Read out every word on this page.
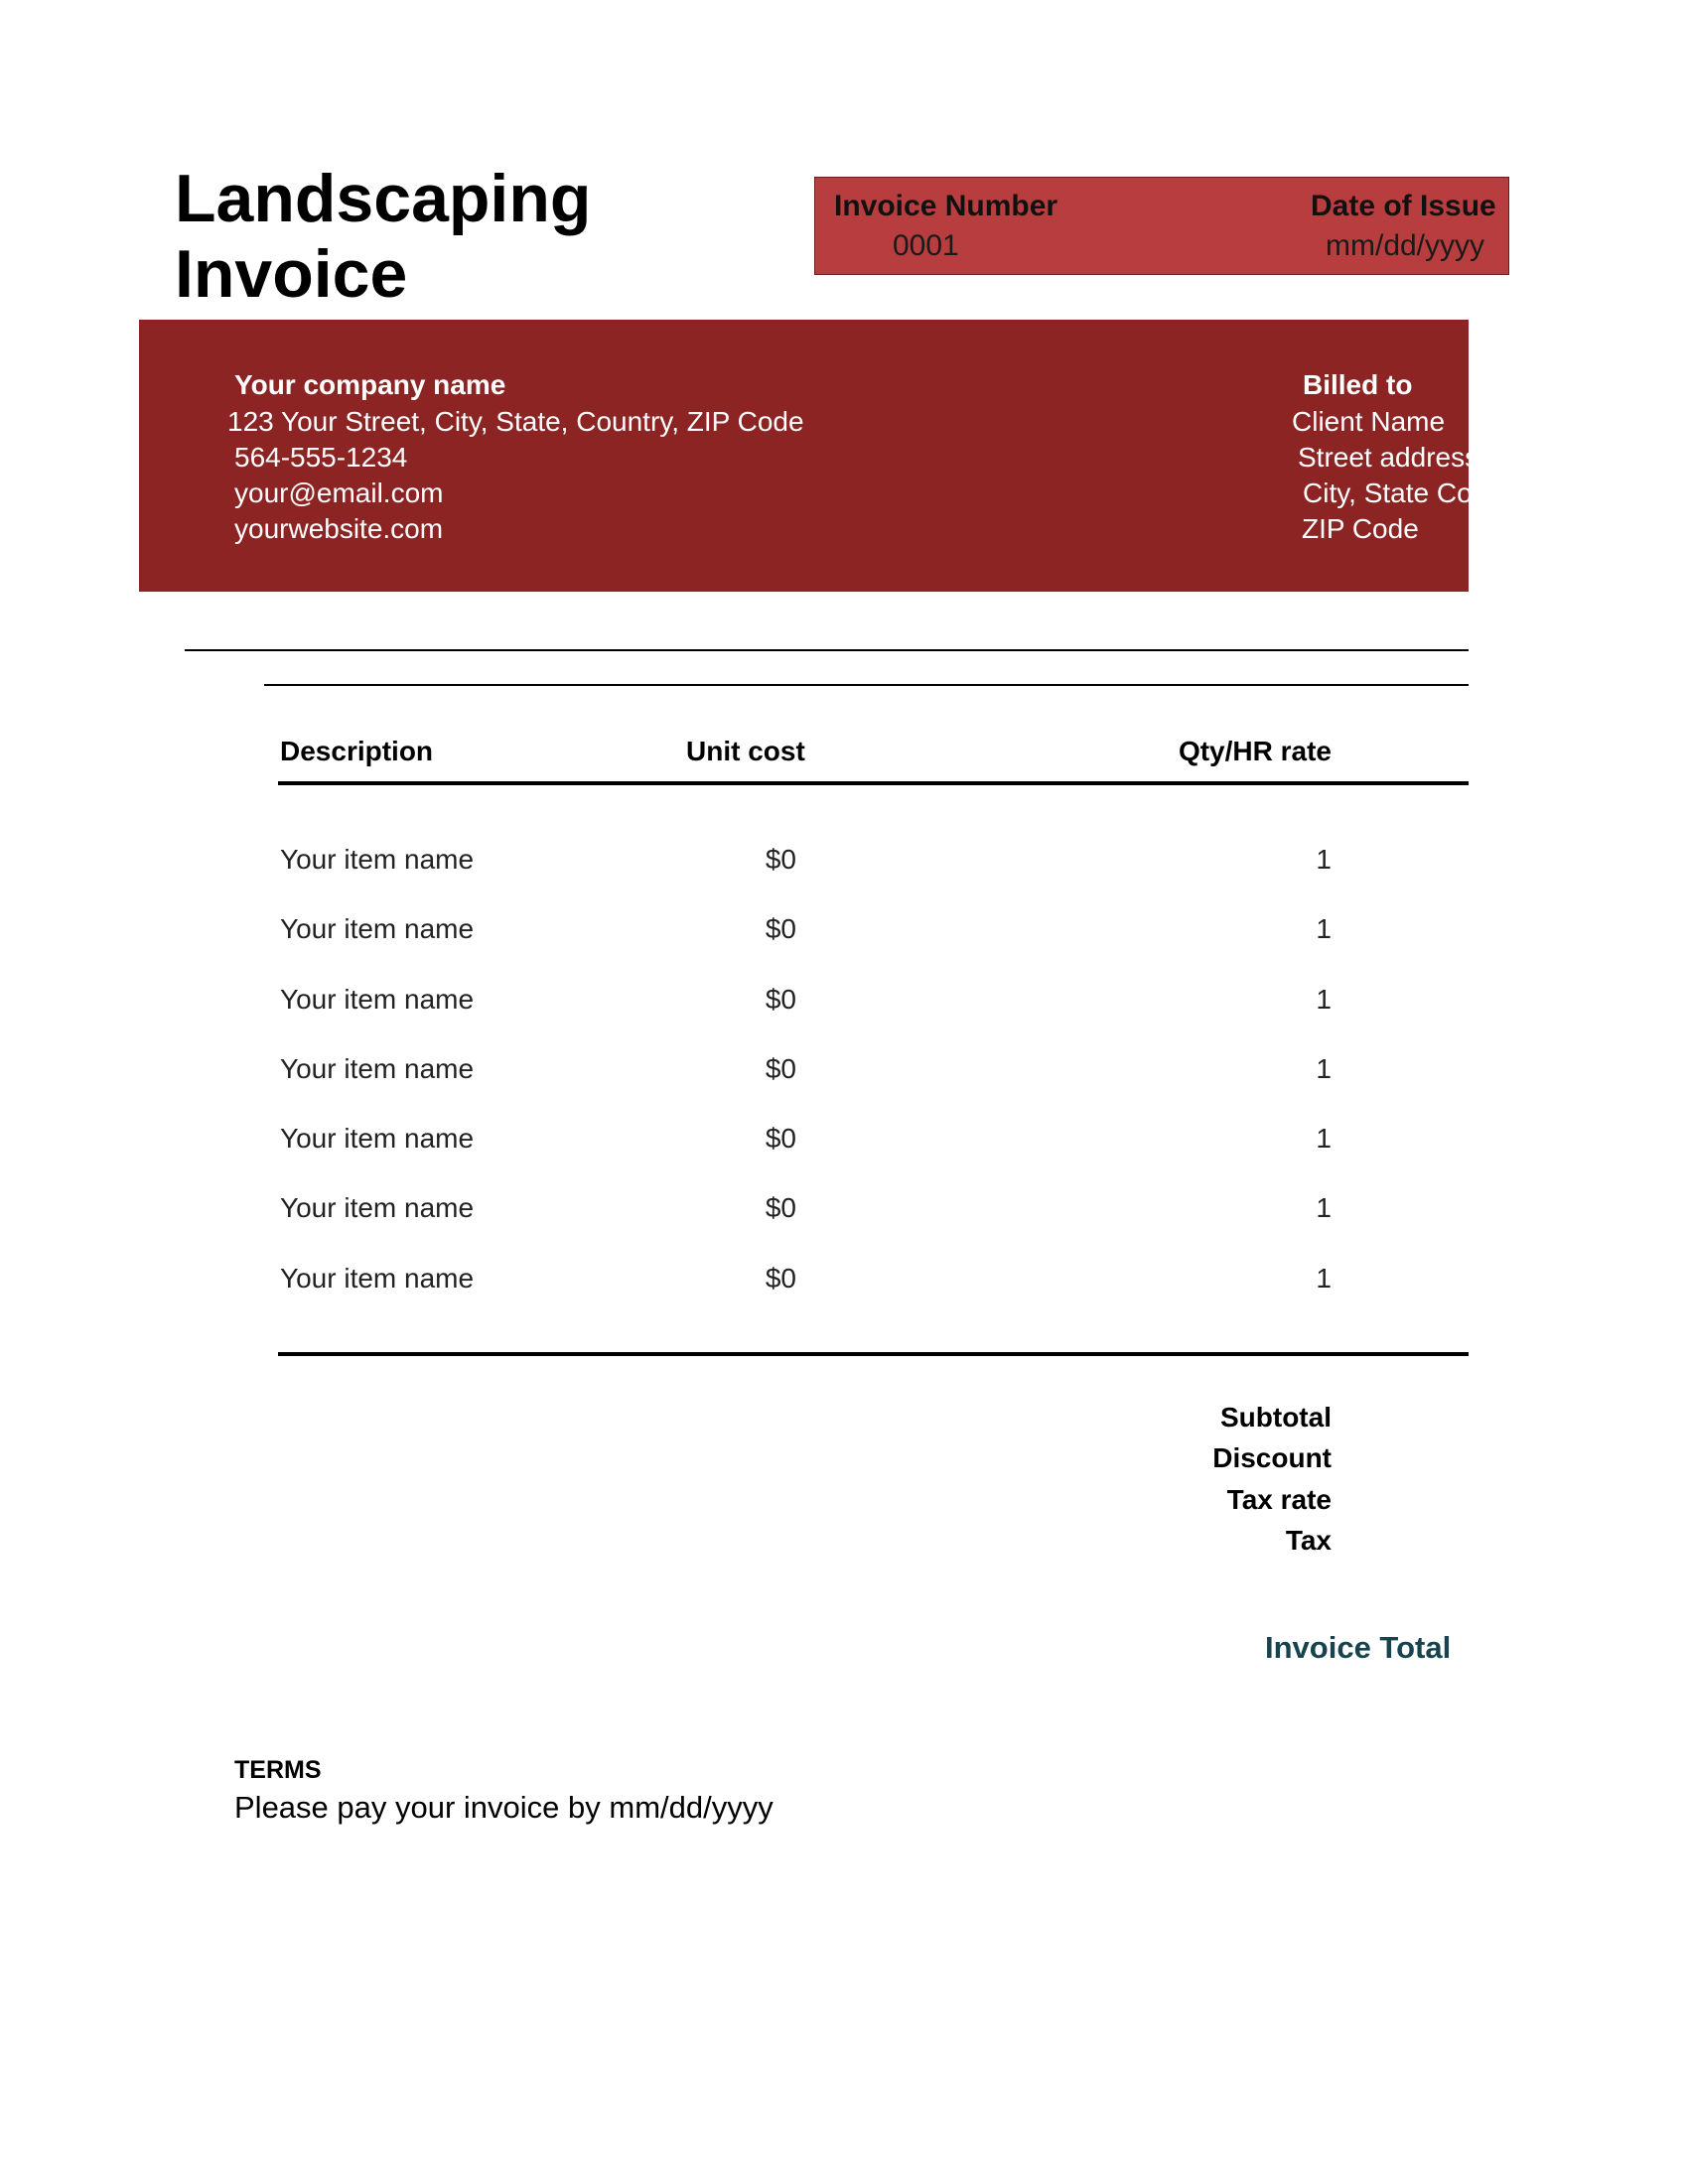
Landscaping
Invoice
Invoice Number
0001
Date of Issue
mm/dd/yyyy
Your company name
123 Your Street, City, State, Country, ZIP Code
564-555-1234
your@email.com
yourwebsite.com
Billed to
Client Name
Street address
City, State Country
ZIP Code
Description	Unit cost	Qty/HR rate
Your item name	$0	1
Your item name	$0	1
Your item name	$0	1
Your item name	$0	1
Your item name	$0	1
Your item name	$0	1
Your item name	$0	1
Subtotal
Discount
Tax rate
Tax
Invoice Total
TERMS
Please pay your invoice by mm/dd/yyyy
